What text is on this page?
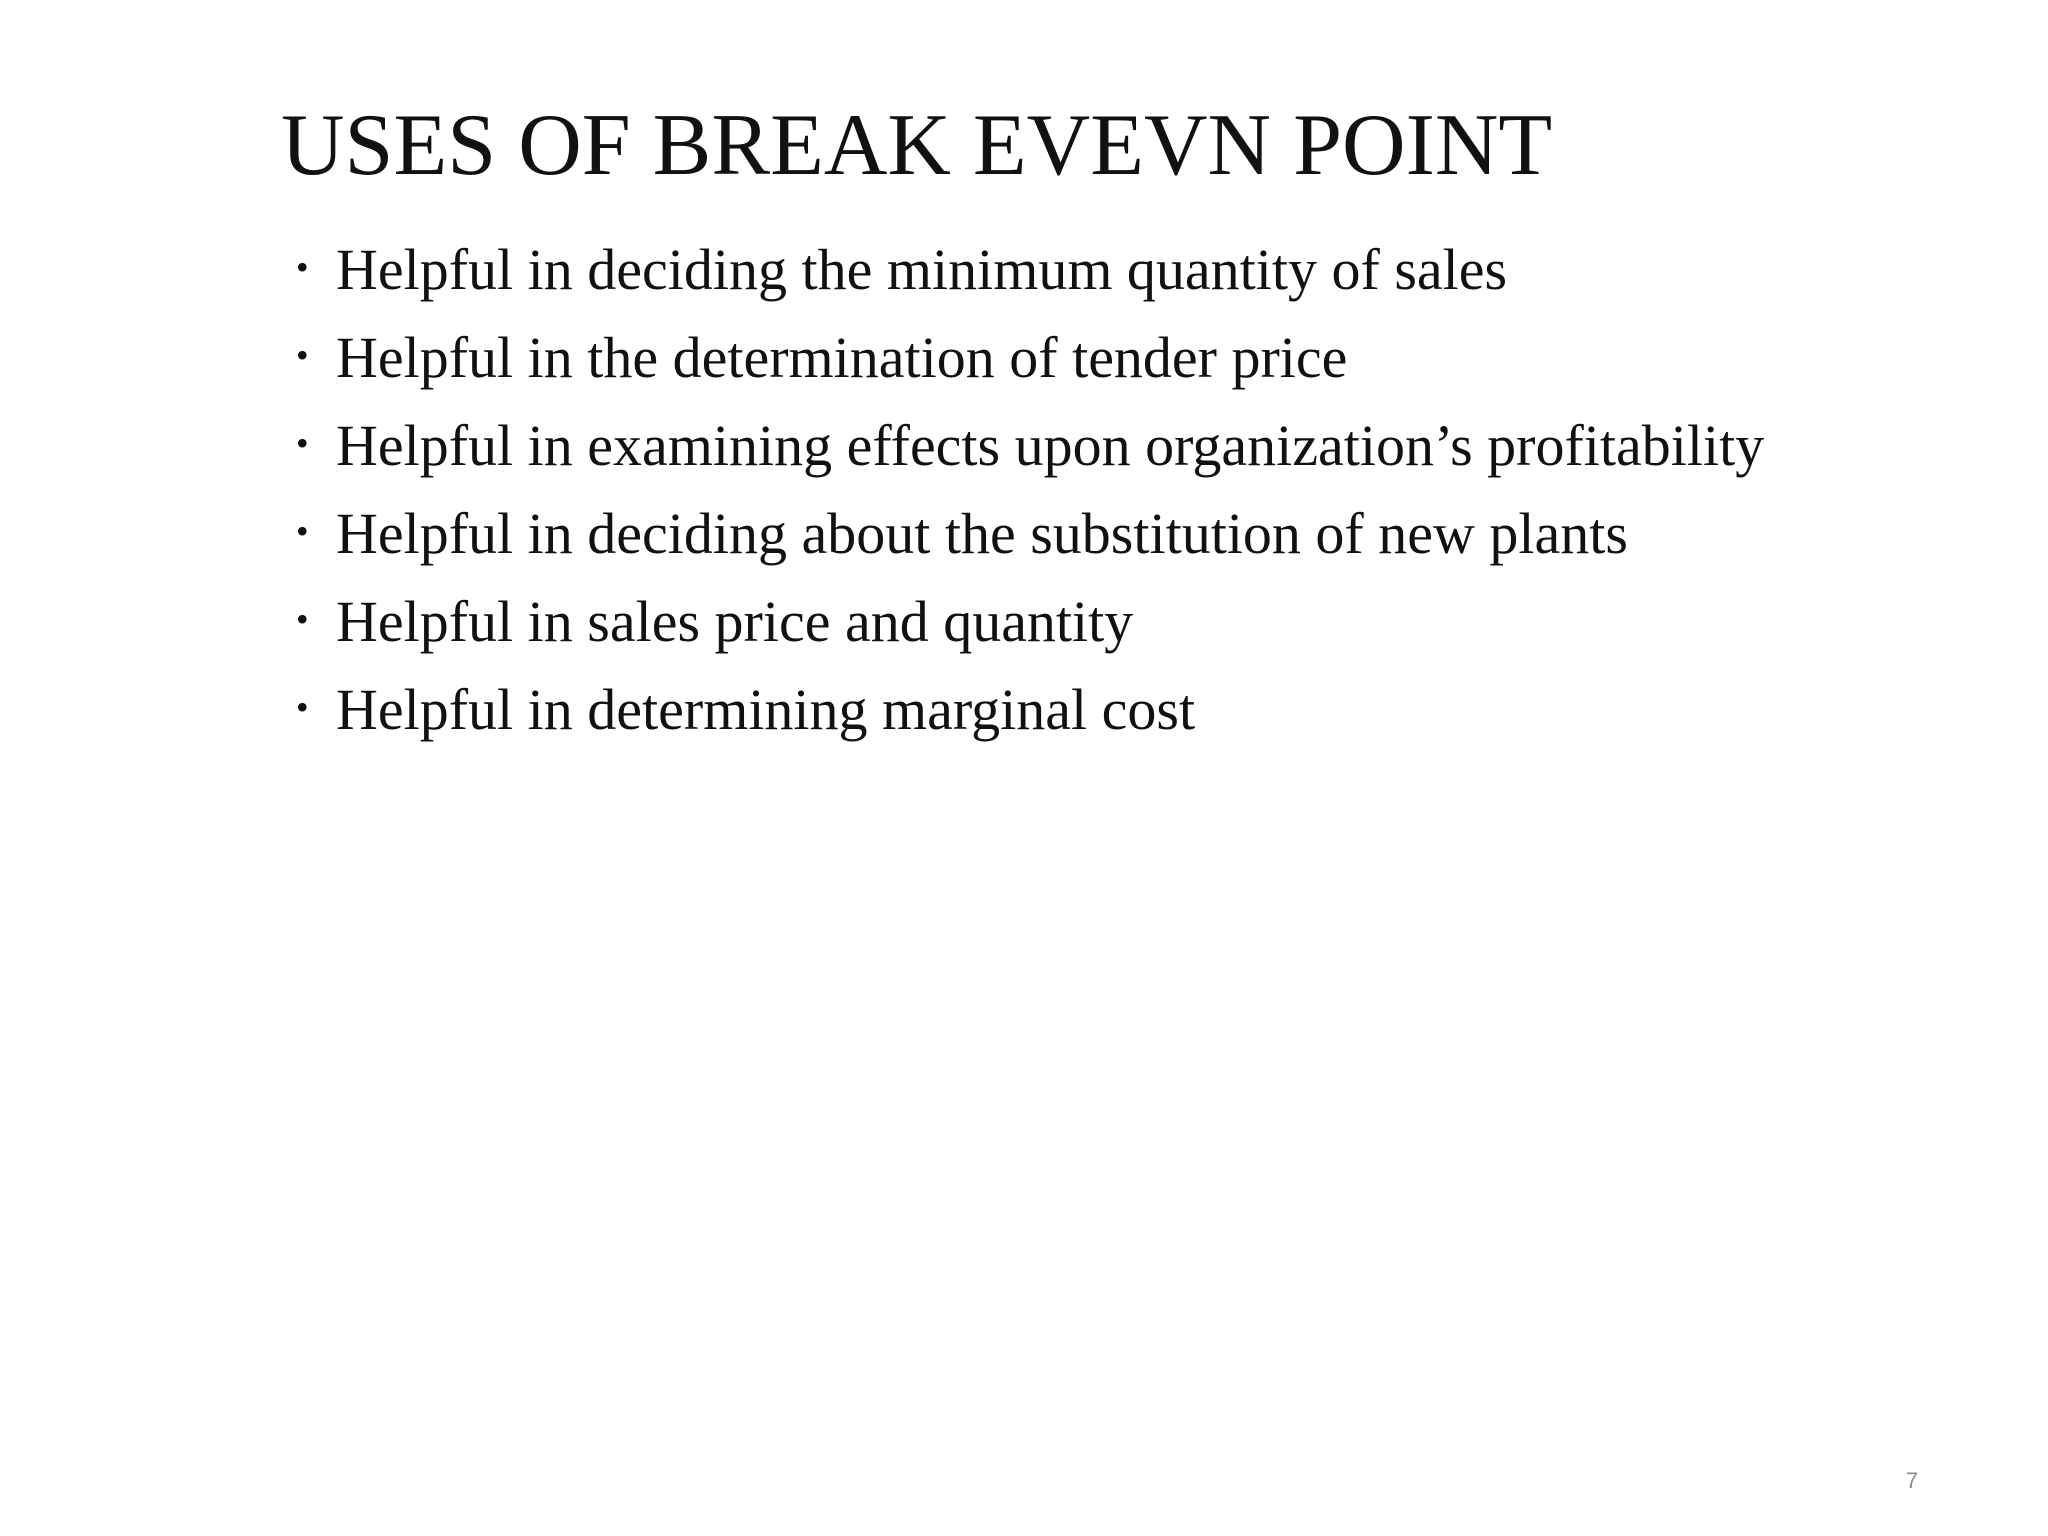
USES OF BREAK EVEVN POINT
• Helpful in deciding the minimum quantity of sales
• Helpful in the determination of tender price
• Helpful in examining effects upon organization’s profitability
• Helpful in deciding about the substitution of new plants
• Helpful in sales price and quantity
• Helpful in determining marginal cost
7
